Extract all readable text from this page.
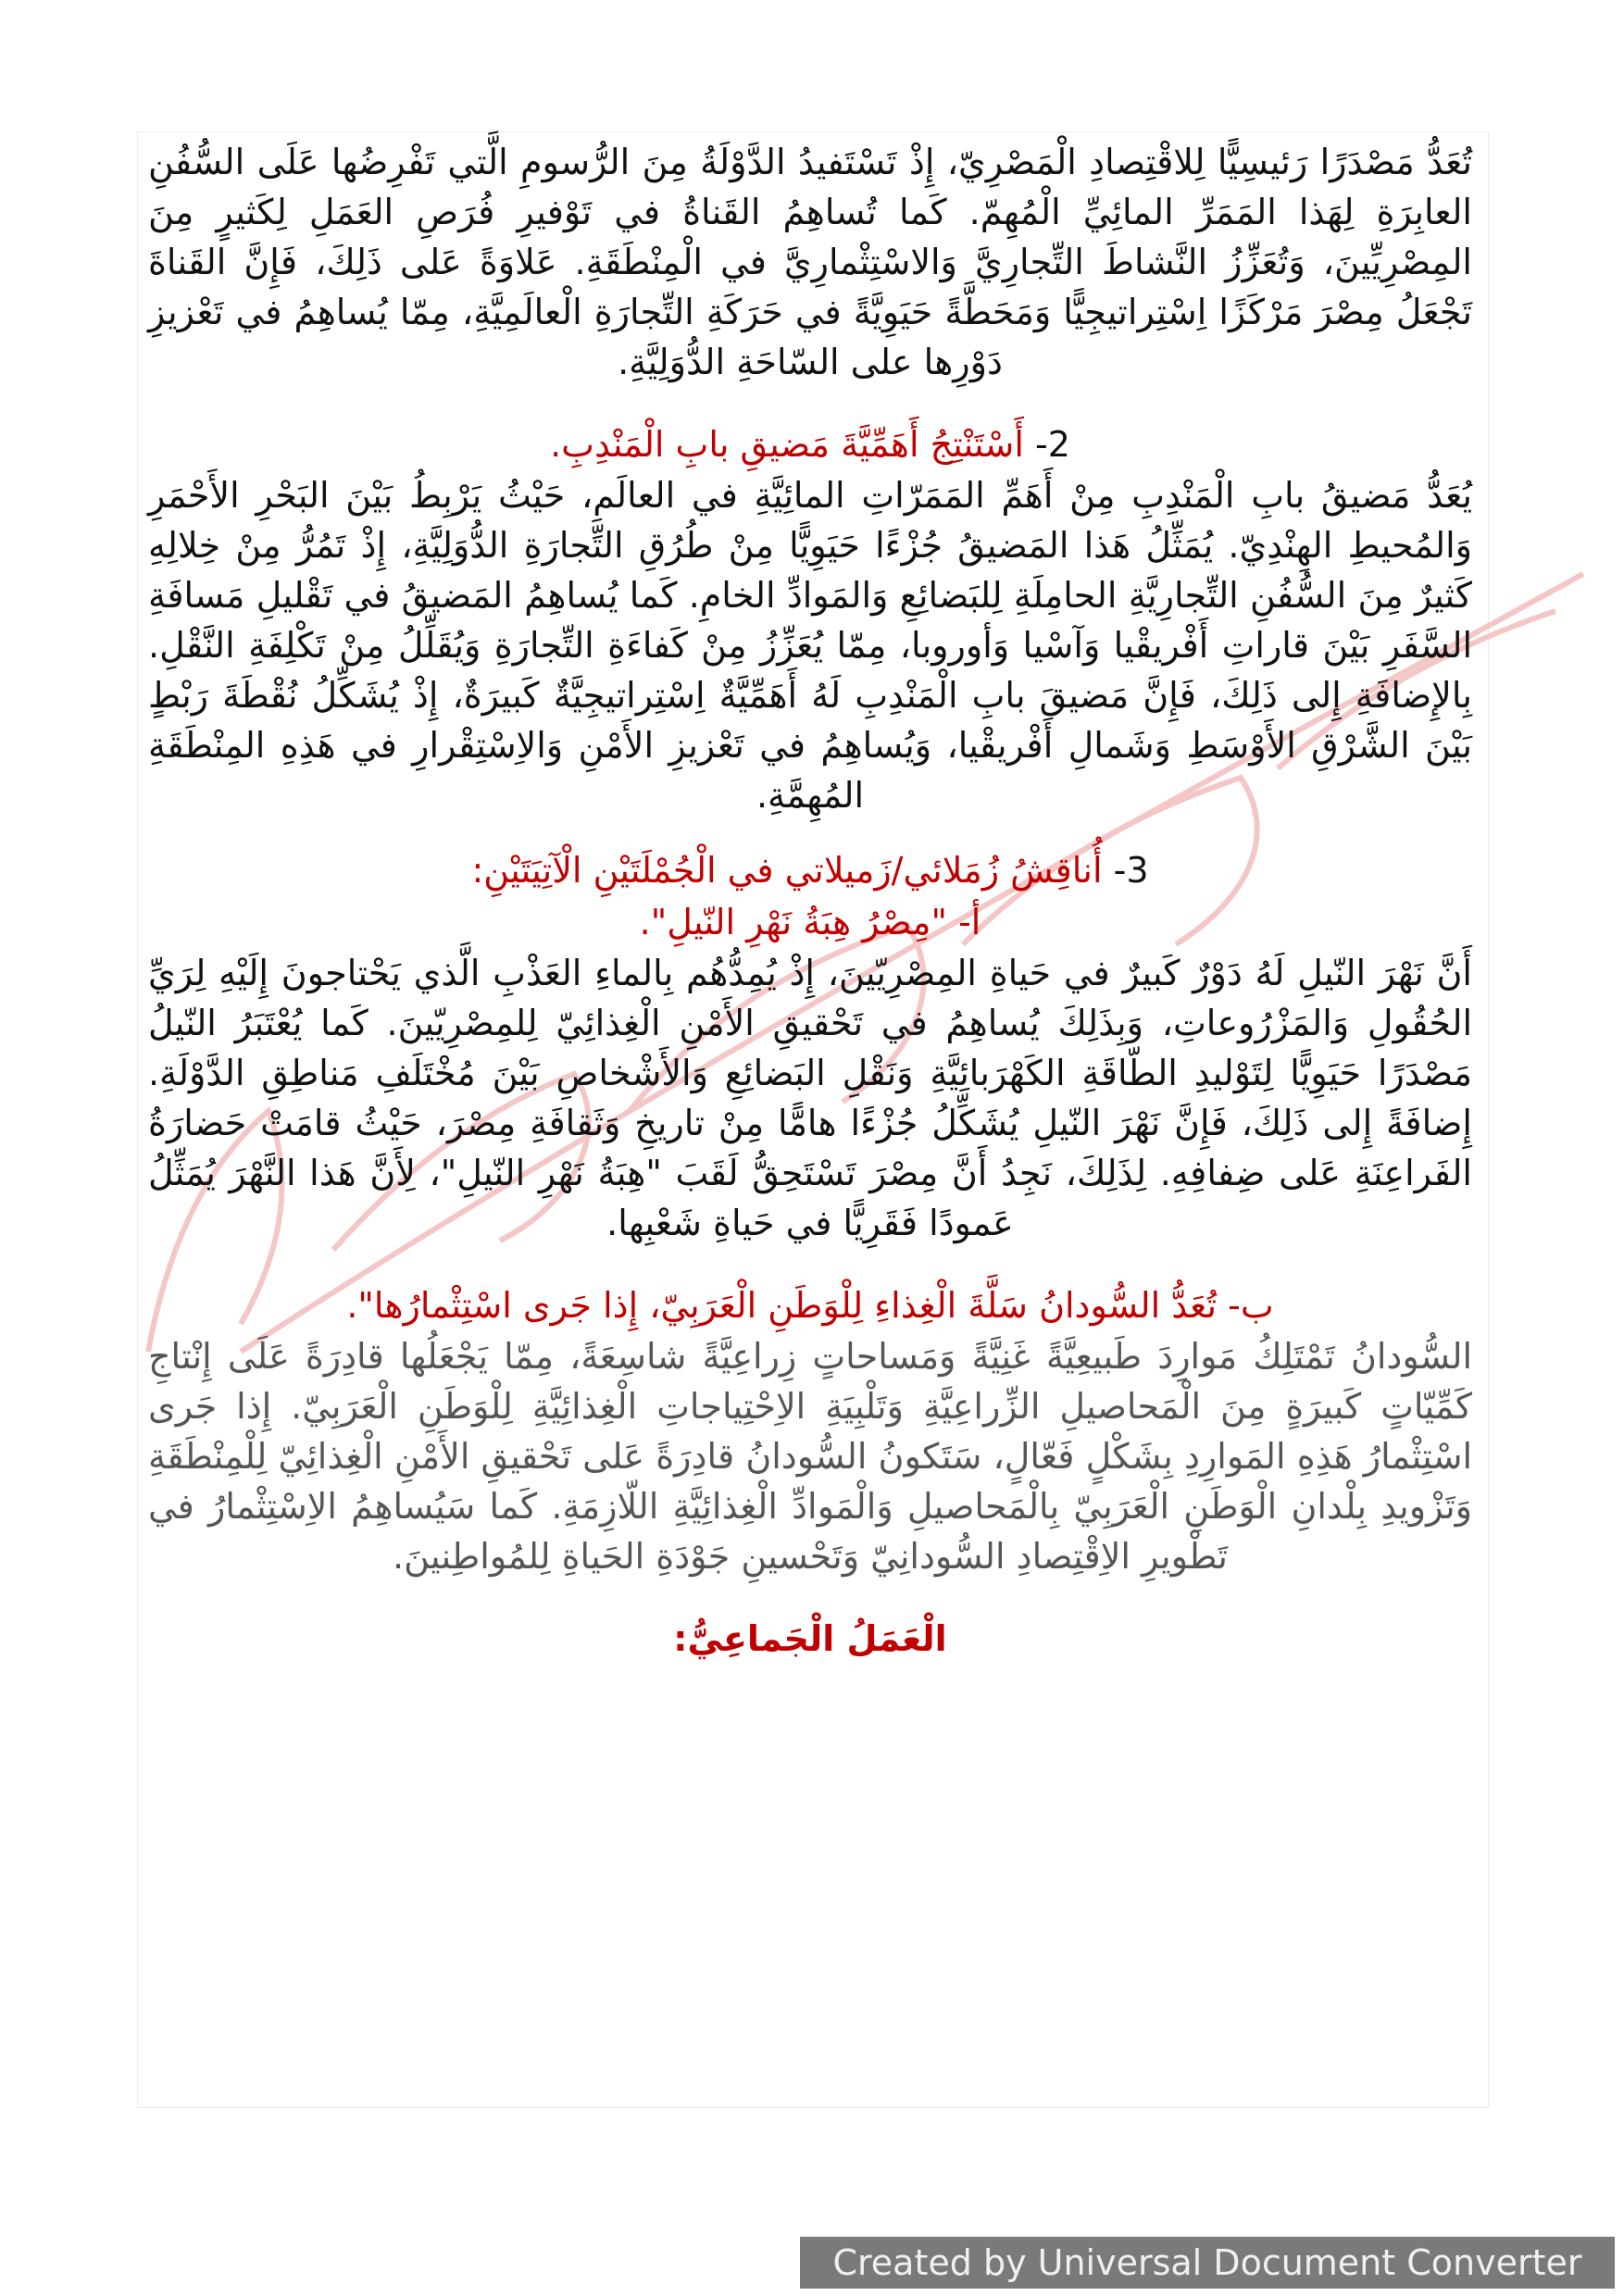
تُعَدُّ مَصْدَرًا رَئيسِيًّا لِلاقْتِصادِ الْمَصْرِيّ، إِذْ تَسْتَفيدُ الدَّوْلَةُ مِنَ الرُّسومِ الَّتي تَفْرِضُها عَلَى السُّفُنِ العابِرَةِ لِهَذا المَمَرِّ المائِيِّ الْمُهِمّ. كَما تُساهِمُ القَناةُ في تَوْفيرِ فُرَصِ العَمَلِ لِكَثيرٍ مِنَ المِصْرِيِّينَ، وَتُعَزِّزُ النَّشاطَ التِّجارِيَّ وَالاسْتِثْمارِيَّ في الْمِنْطَقَةِ. عَلاوَةً عَلى ذَلِكَ، فَإِنَّ القَناةَ تَجْعَلُ مِصْرَ مَرْكَزًا اِسْتِراتيجِيًّا وَمَحَطَّةً حَيَوِيَّةً في حَرَكَةِ التِّجارَةِ الْعالَمِيَّةِ، مِمّا يُساهِمُ في تَعْزيزِ دَوْرِها على السّاحَةِ الدُّوَلِيَّةِ.

2- أَسْتَنْتِجُ أَهَمِّيَّةَ مَضيقِ بابِ الْمَنْدِبِ.

يُعَدُّ مَضيقُ بابِ الْمَنْدِبِ مِنْ أَهَمِّ المَمَرّاتِ المائِيَّةِ في العالَمِ، حَيْثُ يَرْبِطُ بَيْنَ البَحْرِ الأَحْمَرِ وَالمُحيطِ الهِنْدِيّ. يُمَثِّلُ هَذا المَضيقُ جُزْءًا حَيَوِيًّا مِنْ طُرُقِ التِّجارَةِ الدُّوَلِيَّةِ، إِذْ تَمُرُّ مِنْ خِلالِهِ كَثيرٌ مِنَ السُّفُنِ التِّجارِيَّةِ الحامِلَةِ لِلبَضائِعِ وَالمَوادِّ الخامِ. كَما يُساهِمُ المَضيقُ في تَقْليلِ مَسافَةِ السَّفَرِ بَيْنَ قاراتِ أَفْريقْيا وَآسْيا وَأوروبا، مِمّا يُعَزِّزُ مِنْ كَفاءَةِ التِّجارَةِ وَيُقَلِّلُ مِنْ تَكْلِفَةِ النَّقْلِ. بِالإِضافَةِ إِلى ذَلِكَ، فَإِنَّ مَضيقَ بابِ الْمَنْدِبِ لَهُ أَهَمِّيَّةٌ اِسْتِراتيجِيَّةٌ كَبيرَةٌ، إِذْ يُشَكِّلُ نُقْطَةَ رَبْطٍ بَيْنَ الشَّرْقِ الأَوْسَطِ وَشَمالِ أَفْريقْيا، وَيُساهِمُ في تَعْزيزِ الأَمْنِ وَالاِسْتِقْرارِ في هَذِهِ المِنْطَقَةِ المُهِمَّةِ.

3- أُناقِشُ زُمَلائي/زَميلاتي في الْجُمْلَتَيْنِ الْآتِيَتَيْنِ:

أ- "مِصْرُ هِبَةُ نَهْرِ النّيلِ".

أَنَّ نَهْرَ النّيلِ لَهُ دَوْرٌ كَبيرٌ في حَياةِ المِصْرِيّينَ، إِذْ يُمِدُّهُم بِالماءِ العَذْبِ الَّذي يَحْتاجونَ إِلَيْهِ لِرَيِّ الحُقُولِ وَالمَزْرُوعاتِ، وَبِذَلِكَ يُساهِمُ في تَحْقيقِ الأَمْنِ الْغِذائِيّ لِلمِصْرِيّينَ. كَما يُعْتَبَرُ النّيلُ مَصْدَرًا حَيَوِيًّا لِتَوْليدِ الطّاقَةِ الكَهْرَبائِيَّةِ وَنَقْلِ البَضائِعِ وَالأَشْخاصِ بَيْنَ مُخْتَلَفِ مَناطِقِ الدَّوْلَةِ. إِضافَةً إِلى ذَلِكَ، فَإِنَّ نَهْرَ النّيلِ يُشَكِّلُ جُزْءًا هامًّا مِنْ تاريخِ وَثَقافَةِ مِصْرَ، حَيْثُ قامَتْ حَضارَةُ الفَراعِنَةِ عَلى ضِفافِهِ. لِذَلِكَ، نَجِدُ أَنَّ مِصْرَ تَسْتَحِقُّ لَقَبَ "هِبَةُ نَهْرِ النّيلِ"، لِأَنَّ هَذا النَّهْرَ يُمَثِّلُ عَمودًا فَقَرِيًّا في حَياةِ شَعْبِها.

ب- تُعَدُّ السُّودانُ سَلَّةَ الْغِذاءِ لِلْوَطَنِ الْعَرَبِيّ، إِذا جَرى اسْتِثْمارُها".

السُّودانُ تَمْتَلِكُ مَوارِدَ طَبيعِيَّةً غَنِيَّةً وَمَساحاتٍ زِراعِيَّةً شاسِعَةً، مِمّا يَجْعَلُها قادِرَةً عَلَى إِنْتاجِ كَمِّيّاتٍ كَبيرَةٍ مِنَ الْمَحاصيلِ الزِّراعِيَّةِ وَتَلْبِيَةِ الاِحْتِياجاتِ الْغِذائِيَّةِ لِلْوَطَنِ الْعَرَبِيّ. إِذا جَرى اسْتِثْمارُ هَذِهِ المَوارِدِ بِشَكْلٍ فَعّالٍ، سَتَكونُ السُّودانُ قادِرَةً عَلى تَحْقيقِ الأَمْنِ الْغِذائِيّ لِلْمِنْطَقَةِ وَتَزْويدِ بِلْدانِ الْوَطَنِ الْعَرَبِيّ بِالْمَحاصيلِ وَالْمَوادِّ الْغِذائِيَّةِ اللّازِمَةِ. كَما سَيُساهِمُ الاِسْتِثْمارُ في تَطْويرِ الاِقْتِصادِ السُّودانِيّ وَتَحْسينِ جَوْدَةِ الحَياةِ لِلمُواطِنينَ.

الْعَمَلُ الْجَماعِيُّ:

Created by Universal Document Converter
